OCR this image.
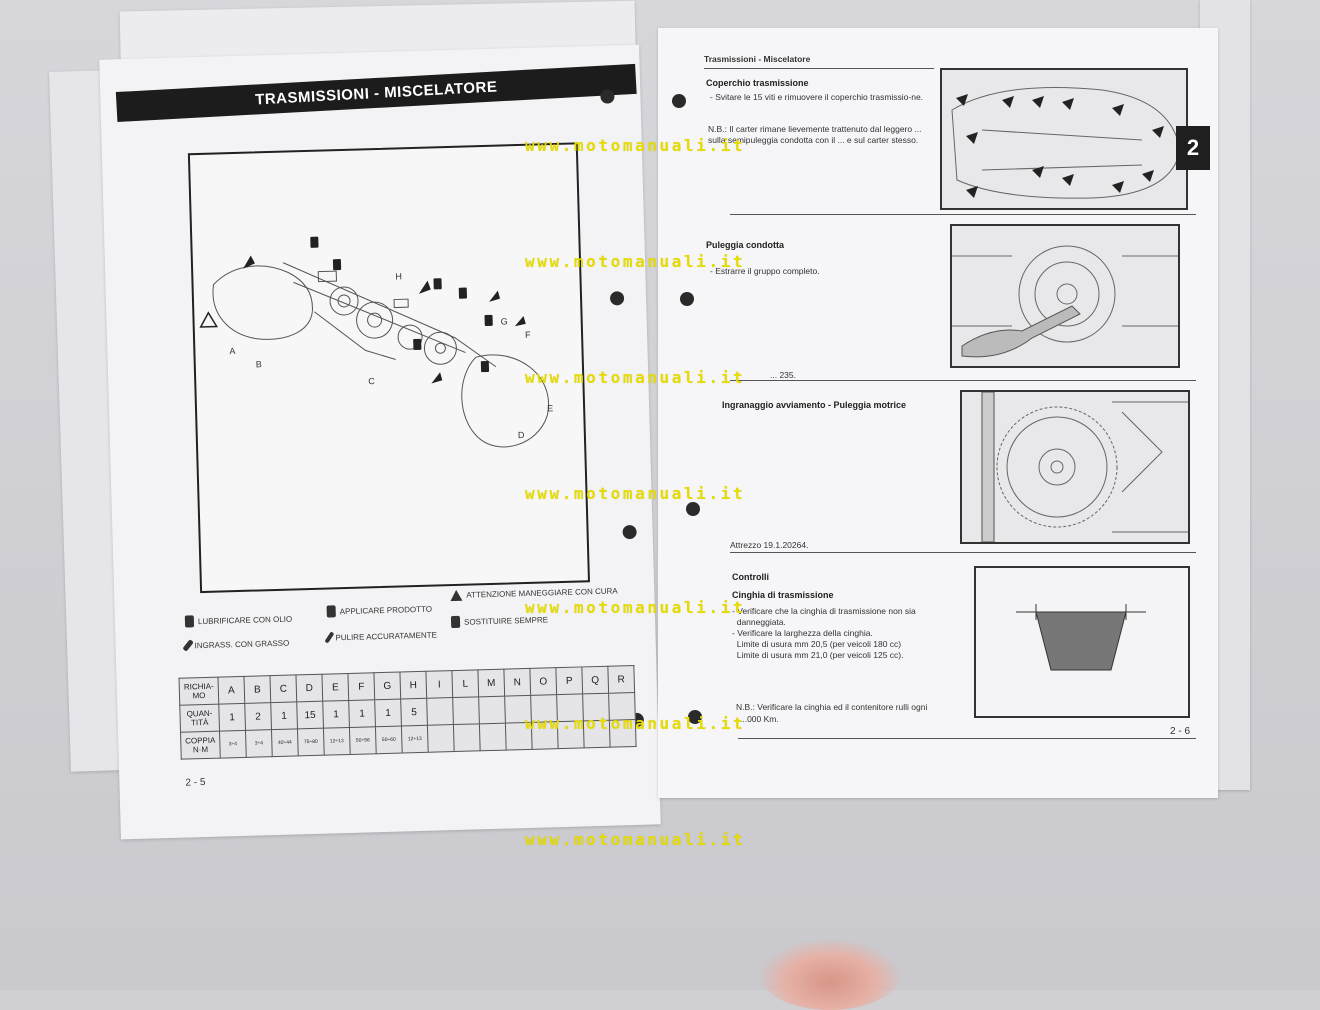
TRASMISSIONI - MISCELATORE
A
B
C
D
E
F
G
H
LUBRIFICARE CON OLIO
INGRASS. CON GRASSO
APPLICARE PRODOTTO
PULIRE ACCURATAMENTE
ATTENZIONE MANEGGIARE CON CURA
SOSTITUIRE SEMPRE
RICHIA-MO	A	B	C	D	E	F	G	H	I	L	M	N	O	P	Q	R
QUAN-TITÀ	1	2	1	15	1	1	1	5								
COPPIA N·M	3÷4	3÷4	40÷44	75÷80	12÷13	50÷56	50÷60	12÷13								
2 - 5
Trasmissioni - Miscelatore
Coperchio trasmissione
- Svitare le 15 viti e rimuovere il coperchio trasmissio-ne.
N.B.: Il carter rimane lievemente trattenuto dal leggero ... sulla semipuleggia condotta con il ... e sul carter stesso.
Puleggia condotta
- Estrarre il gruppo completo.
... 235.
Ingranaggio avviamento - Puleggia motrice
Attrezzo 19.1.20264.
Controlli
Cinghia di trasmissione
- Verificare che la cinghia di trasmissione non sia
danneggiata.
- Verificare la larghezza della cinghia.
Limite di usura mm 20,5 (per veicoli 180 cc)
Limite di usura mm 21,0 (per veicoli 125 cc).
N.B.: Verificare la cinghia ed il contenitore rulli ogni
...000 Km.
2 - 6
2
www.motomanuali.it
www.motomanuali.it
www.motomanuali.it
www.motomanuali.it
www.motomanuali.it
www.motomanuali.it
www.motomanuali.it
